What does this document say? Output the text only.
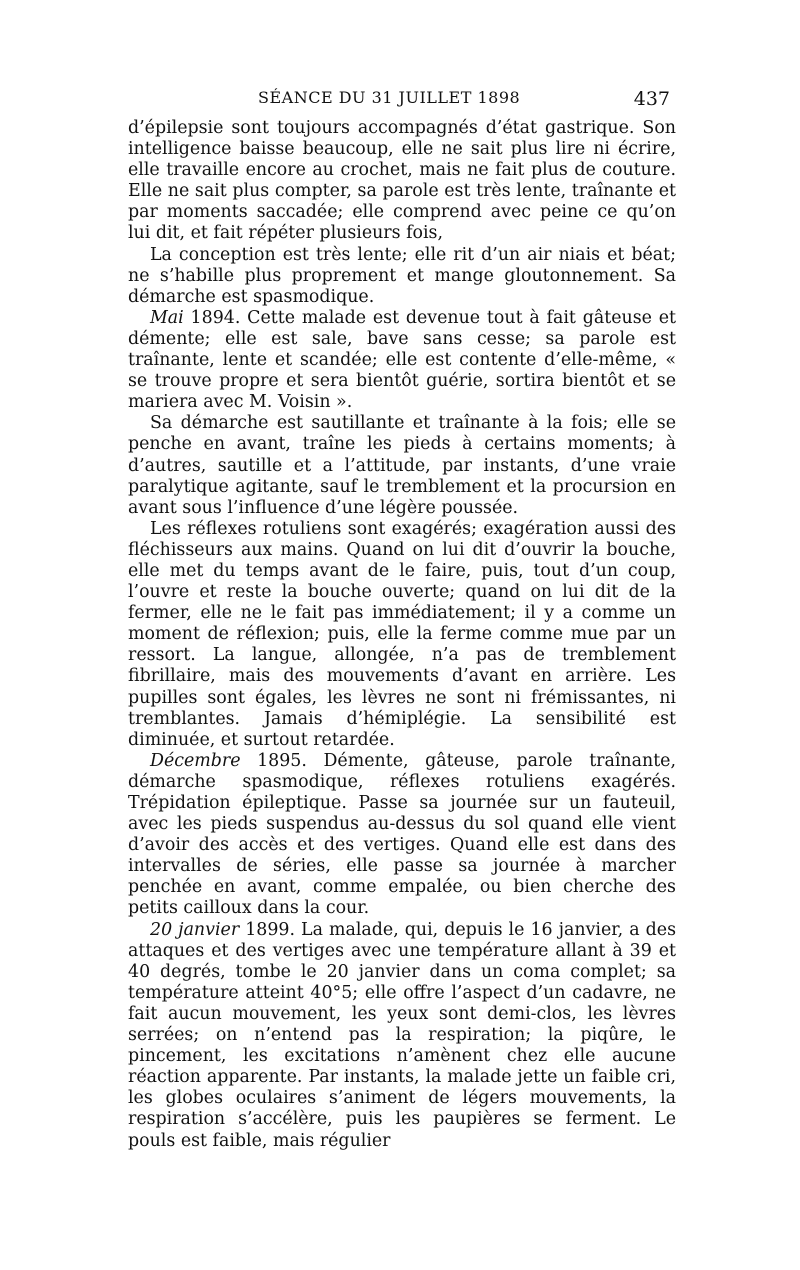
SÉANCE DU 31 JUILLET 1898	437

d’épilepsie sont toujours accompagnés d’état gastrique. Son intelligence baisse beaucoup, elle ne sait plus lire ni écrire, elle travaille encore au crochet, mais ne fait plus de couture. Elle ne sait plus compter, sa parole est très lente, traînante et par moments saccadée; elle comprend avec peine ce qu’on lui dit, et fait répéter plusieurs fois,

La conception est très lente; elle rit d’un air niais et béat; ne s’habille plus proprement et mange gloutonnement. Sa démarche est spasmodique.

Mai 1894. Cette malade est devenue tout à fait gâteuse et démente; elle est sale, bave sans cesse; sa parole est traînante, lente et scandée; elle est contente d’elle-même, « se trouve propre et sera bientôt guérie, sortira bientôt et se mariera avec M. Voisin ».

Sa démarche est sautillante et traînante à la fois; elle se penche en avant, traîne les pieds à certains moments; à d’autres, sautille et a l’attitude, par instants, d’une vraie paralytique agitante, sauf le tremblement et la procursion en avant sous l’influence d’une légère poussée.

Les réflexes rotuliens sont exagérés; exagération aussi des fléchisseurs aux mains. Quand on lui dit d’ouvrir la bouche, elle met du temps avant de le faire, puis, tout d’un coup, l’ouvre et reste la bouche ouverte; quand on lui dit de la fermer, elle ne le fait pas immédiatement; il y a comme un moment de réflexion; puis, elle la ferme comme mue par un ressort. La langue, allongée, n’a pas de tremblement fibrillaire, mais des mouvements d’avant en arrière. Les pupilles sont égales, les lèvres ne sont ni frémissantes, ni tremblantes. Jamais d’hémiplégie. La sensibilité est diminuée, et surtout retardée.

Décembre 1895. Démente, gâteuse, parole traînante, démarche spasmodique, réflexes rotuliens exagérés. Trépidation épileptique. Passe sa journée sur un fauteuil, avec les pieds suspendus au-dessus du sol quand elle vient d’avoir des accès et des vertiges. Quand elle est dans des intervalles de séries, elle passe sa journée à marcher penchée en avant, comme empalée, ou bien cherche des petits cailloux dans la cour.

20 janvier 1899. La malade, qui, depuis le 16 janvier, a des attaques et des vertiges avec une température allant à 39 et 40 degrés, tombe le 20 janvier dans un coma complet; sa température atteint 40°5; elle offre l’aspect d’un cadavre, ne fait aucun mouvement, les yeux sont demi-clos, les lèvres serrées; on n’entend pas la respiration; la piqûre, le pincement, les excitations n’amènent chez elle aucune réaction apparente. Par instants, la malade jette un faible cri, les globes oculaires s’animent de légers mouvements, la respiration s’accélère, puis les paupières se ferment. Le pouls est faible, mais régulier
